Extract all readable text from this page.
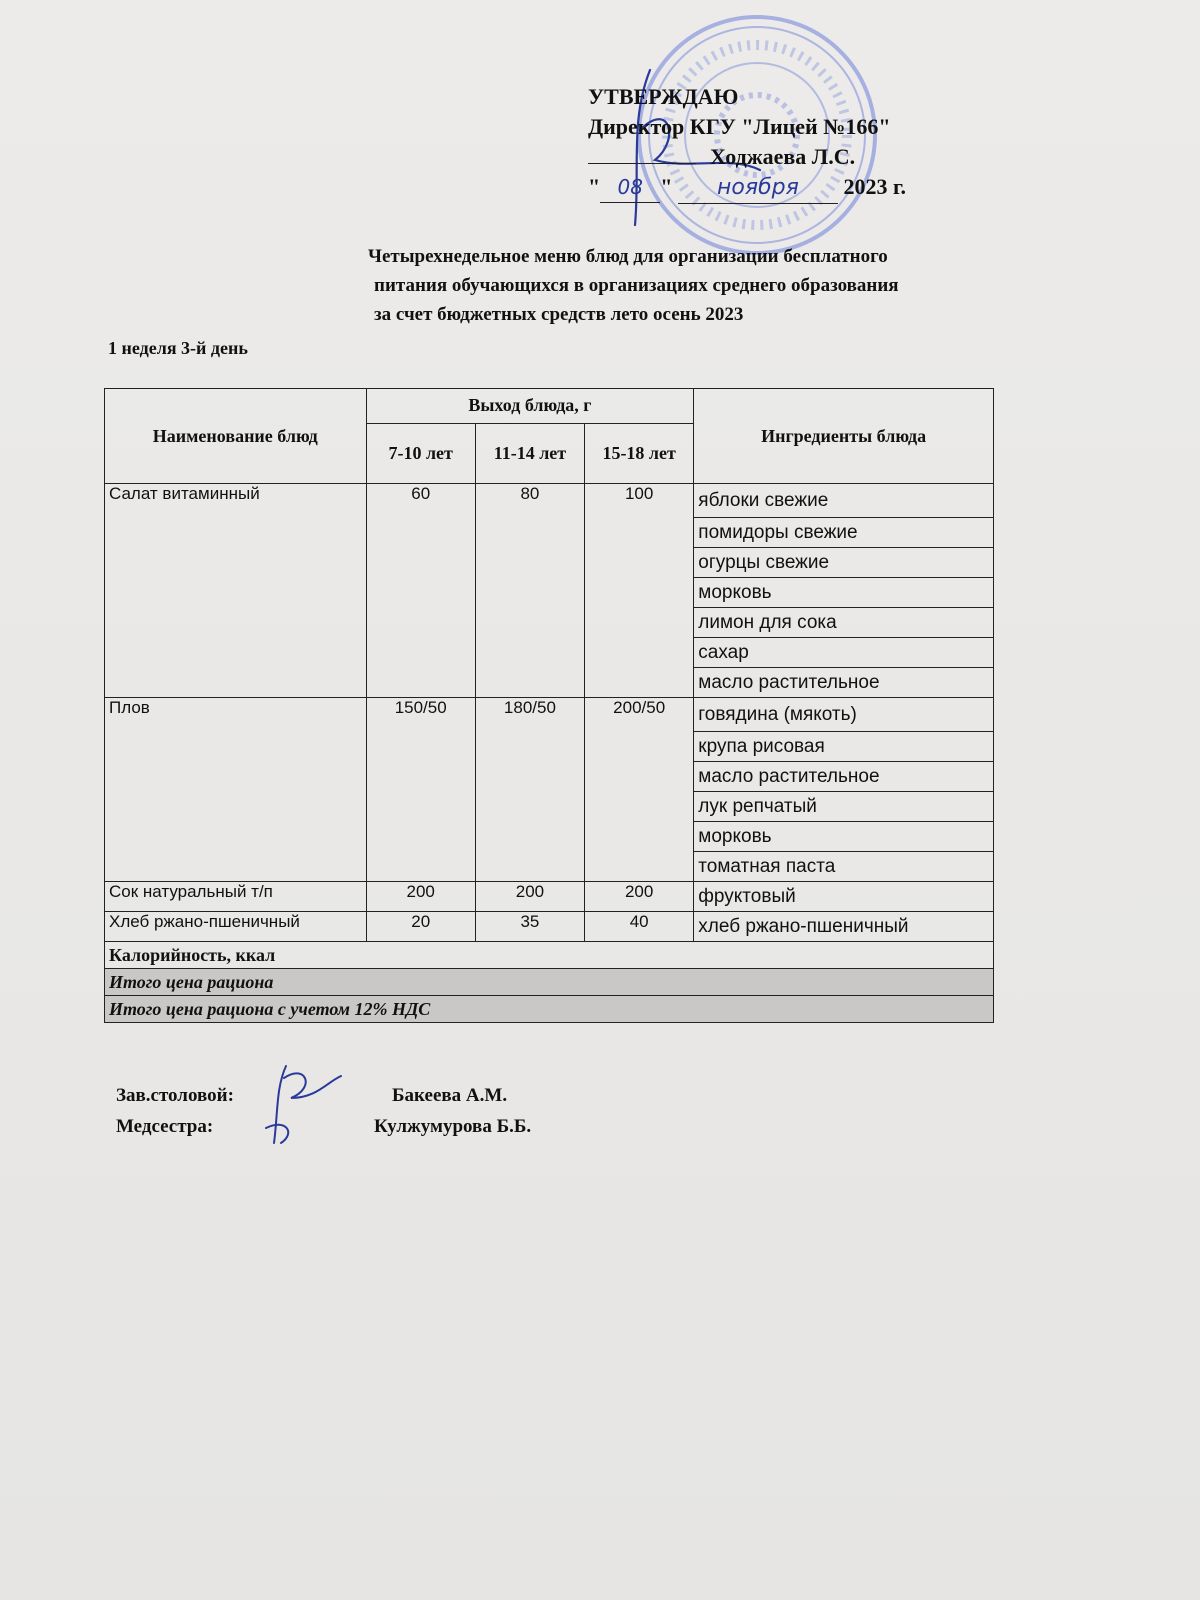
УТВЕРЖДАЮ
Директор КГУ "Лицей №166"
Ходжаева Л.С.
" 08 " ноября 2023 г.
Четырехнедельное меню блюд для организации бесплатного
питания обучающихся в организациях среднего образования
за счет бюджетных средств лето осень 2023
1 неделя 3-й день
Наименование блюд	Выход блюда, г			Ингредиенты блюда
	7-10 лет	11-14 лет	15-18 лет	
Салат витаминный	60	80	100	яблоки свежие
				помидоры свежие
				огурцы свежие
				морковь
				лимон для сока
				сахар
				масло растительное
Плов	150/50	180/50	200/50	говядина (мякоть)
				крупа рисовая
				масло растительное
				лук репчатый
				морковь
				томатная паста
Сок натуральный т/п	200	200	200	фруктовый
Хлеб ржано-пшеничный	20	35	40	хлеб ржано-пшеничный
Калорийность, ккал				
Итого цена рациона				
Итого цена рациона с учетом 12% НДС				
Зав.столовой:	Бакеева А.М.
Медсестра:	Кулжумурова Б.Б.
